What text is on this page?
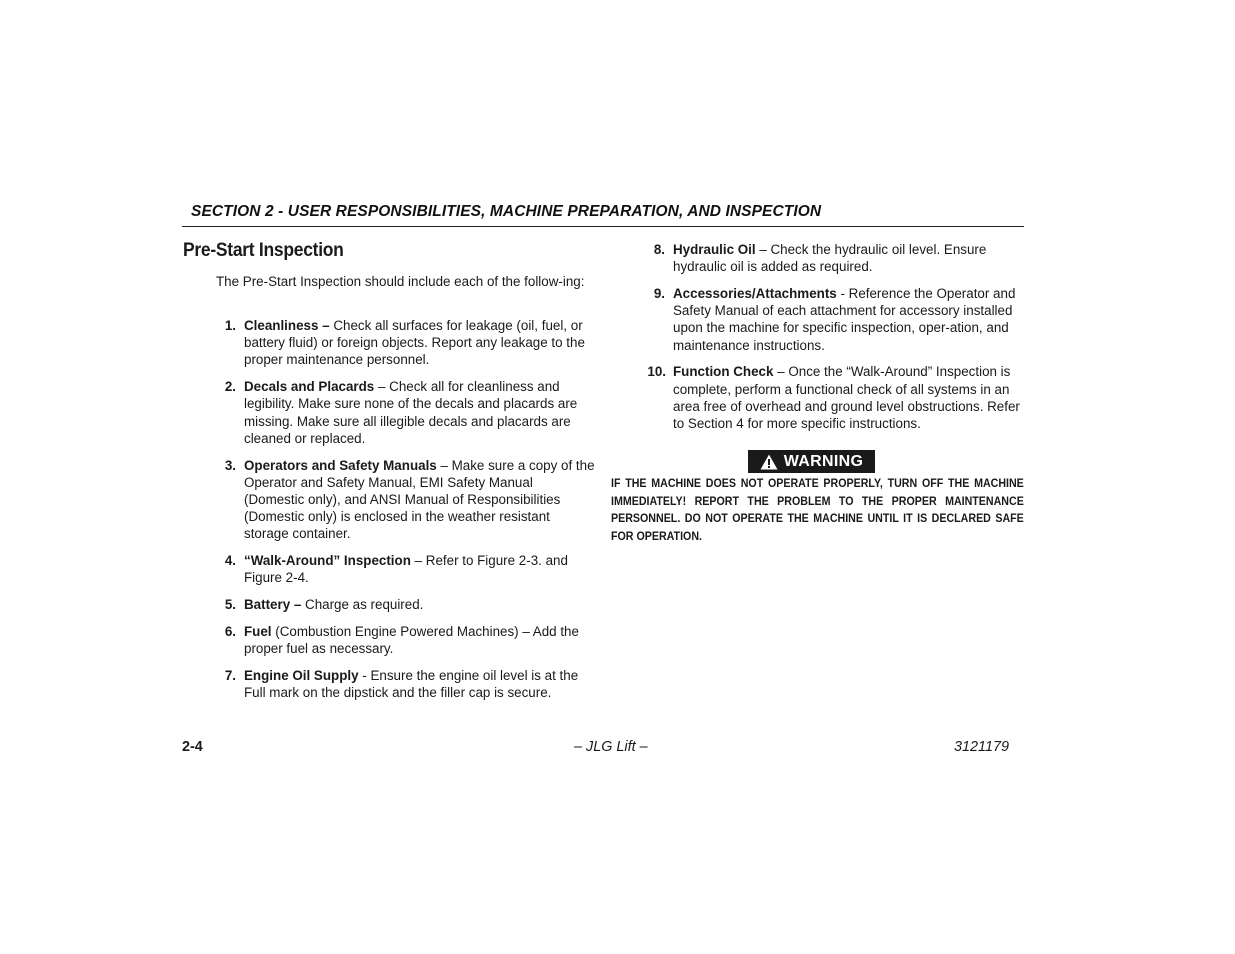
SECTION 2 - USER RESPONSIBILITIES, MACHINE PREPARATION, AND INSPECTION
Pre-Start Inspection

The Pre-Start Inspection should include each of the follow-ing:

1. Cleanliness – Check all surfaces for leakage (oil, fuel, or battery fluid) or foreign objects. Report any leakage to the proper maintenance personnel.
2. Decals and Placards – Check all for cleanliness and legibility. Make sure none of the decals and placards are missing. Make sure all illegible decals and placards are cleaned or replaced.
3. Operators and Safety Manuals – Make sure a copy of the Operator and Safety Manual, EMI Safety Manual (Domestic only), and ANSI Manual of Responsibilities (Domestic only) is enclosed in the weather resistant storage container.
4. “Walk-Around” Inspection – Refer to Figure 2-3. and Figure 2-4.
5. Battery – Charge as required.
6. Fuel (Combustion Engine Powered Machines) – Add the proper fuel as necessary.
7. Engine Oil Supply - Ensure the engine oil level is at the Full mark on the dipstick and the filler cap is secure.
8. Hydraulic Oil – Check the hydraulic oil level. Ensure hydraulic oil is added as required.
9. Accessories/Attachments - Reference the Operator and Safety Manual of each attachment for accessory installed upon the machine for specific inspection, oper-ation, and maintenance instructions.
10. Function Check – Once the “Walk-Around” Inspection is complete, perform a functional check of all systems in an area free of overhead and ground level obstructions. Refer to Section 4 for more specific instructions.
WARNING

IF THE MACHINE DOES NOT OPERATE PROPERLY, TURN OFF THE MACHINE IMMEDIATELY! REPORT THE PROBLEM TO THE PROPER MAINTENANCE PERSONNEL. DO NOT OPERATE THE MACHINE UNTIL IT IS DECLARED SAFE FOR OPERATION.

2-4	– JLG Lift –	3121179
